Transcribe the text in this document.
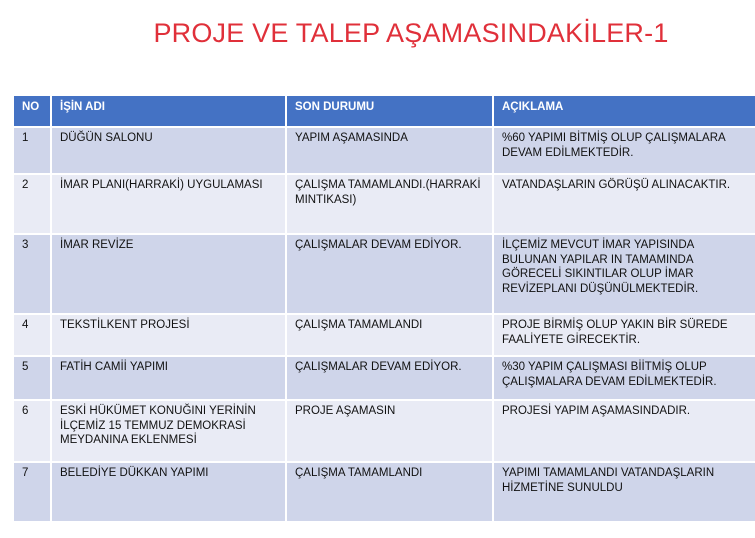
PROJE VE TALEP AŞAMASINDAKİLER-1
NO	İŞİN ADI	SON DURUMU	AÇIKLAMA
1	DÜĞÜN SALONU	YAPIM AŞAMASINDA	%60 YAPIMI BİTMİŞ OLUP ÇALIŞMALARA DEVAM EDİLMEKTEDİR.
2	İMAR PLANI(HARRAKİ) UYGULAMASI	ÇALIŞMA TAMAMLANDI.(HARRAKİ MINTIKASI)	VATANDAŞLARIN GÖRÜŞÜ ALINACAKTIR.
3	İMAR REVİZE	ÇALIŞMALAR DEVAM EDİYOR.	İLÇEMİZ MEVCUT İMAR YAPISINDA BULUNAN YAPILAR IN TAMAMINDA GÖRECELİ SIKINTILAR OLUP İMAR REVİZEPLANI DÜŞÜNÜLMEKTEDİR.
4	TEKSTİLKENT PROJESİ	ÇALIŞMA TAMAMLANDI	PROJE BİRMİŞ OLUP YAKIN BİR SÜREDE FAALİYETE GİRECEKTİR.
5	FATİH CAMİİ YAPIMI	ÇALIŞMALAR DEVAM EDİYOR.	%30 YAPIM ÇALIŞMASI BİİTMİŞ OLUP ÇALIŞMALARA DEVAM EDİLMEKTEDİR.
6	ESKİ HÜKÜMET KONUĞINI YERİNİN İLÇEMİZ 15 TEMMUZ DEMOKRASİ MEYDANINA EKLENMESİ	PROJE AŞAMASIN	PROJESİ YAPIM AŞAMASINDADIR.
7	BELEDİYE DÜKKAN YAPIMI	ÇALIŞMA TAMAMLANDI	YAPIMI TAMAMLANDI VATANDAŞLARIN HİZMETİNE SUNULDU
